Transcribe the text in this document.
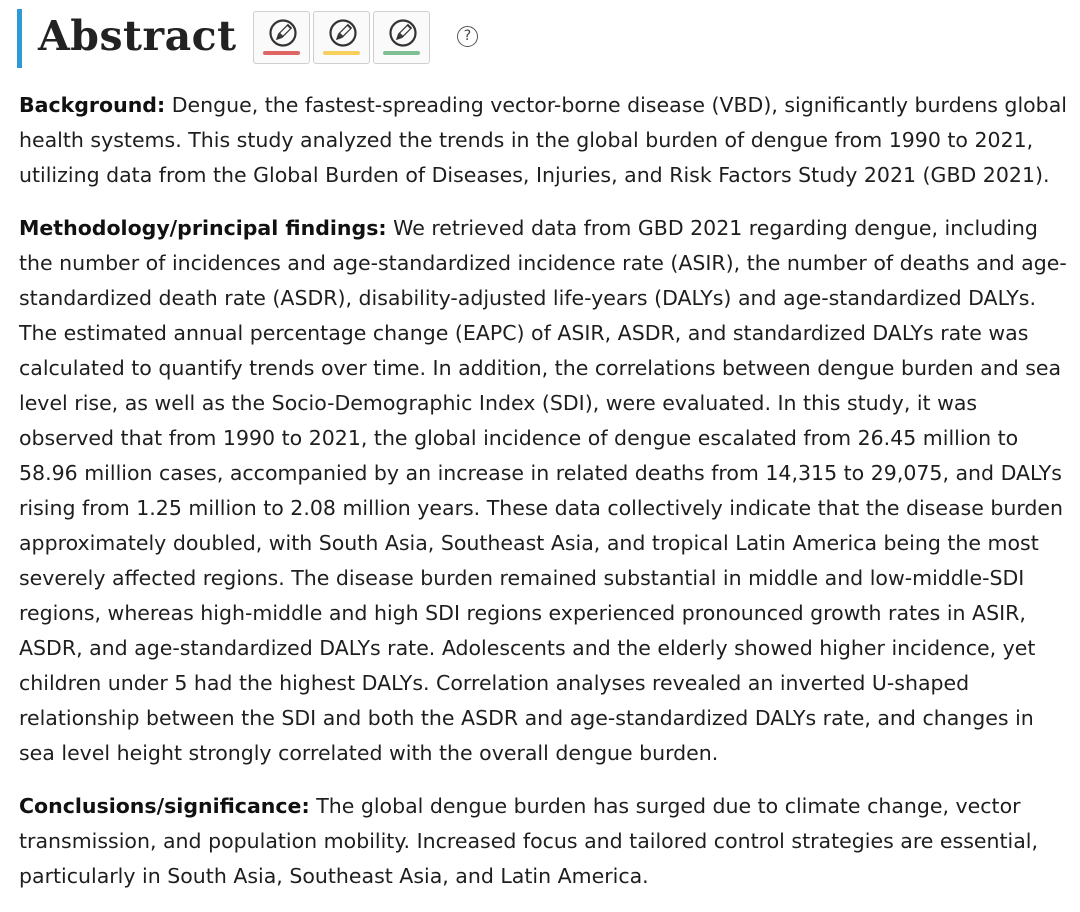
Abstract	?

Background: Dengue, the fastest-spreading vector-borne disease (VBD), significantly burdens global health systems. This study analyzed the trends in the global burden of dengue from 1990 to 2021, utilizing data from the Global Burden of Diseases, Injuries, and Risk Factors Study 2021 (GBD 2021).

Methodology/principal findings: We retrieved data from GBD 2021 regarding dengue, including the number of incidences and age-standardized incidence rate (ASIR), the number of deaths and age-standardized death rate (ASDR), disability-adjusted life-years (DALYs) and age-standardized DALYs. The estimated annual percentage change (EAPC) of ASIR, ASDR, and standardized DALYs rate was calculated to quantify trends over time. In addition, the correlations between dengue burden and sea level rise, as well as the Socio-Demographic Index (SDI), were evaluated. In this study, it was observed that from 1990 to 2021, the global incidence of dengue escalated from 26.45 million to 58.96 million cases, accompanied by an increase in related deaths from 14,315 to 29,075, and DALYs rising from 1.25 million to 2.08 million years. These data collectively indicate that the disease burden approximately doubled, with South Asia, Southeast Asia, and tropical Latin America being the most severely affected regions. The disease burden remained substantial in middle and low-middle-SDI regions, whereas high-middle and high SDI regions experienced pronounced growth rates in ASIR, ASDR, and age-standardized DALYs rate. Adolescents and the elderly showed higher incidence, yet children under 5 had the highest DALYs. Correlation analyses revealed an inverted U-shaped relationship between the SDI and both the ASDR and age-standardized DALYs rate, and changes in sea level height strongly correlated with the overall dengue burden.

Conclusions/significance: The global dengue burden has surged due to climate change, vector transmission, and population mobility. Increased focus and tailored control strategies are essential, particularly in South Asia, Southeast Asia, and Latin America.
